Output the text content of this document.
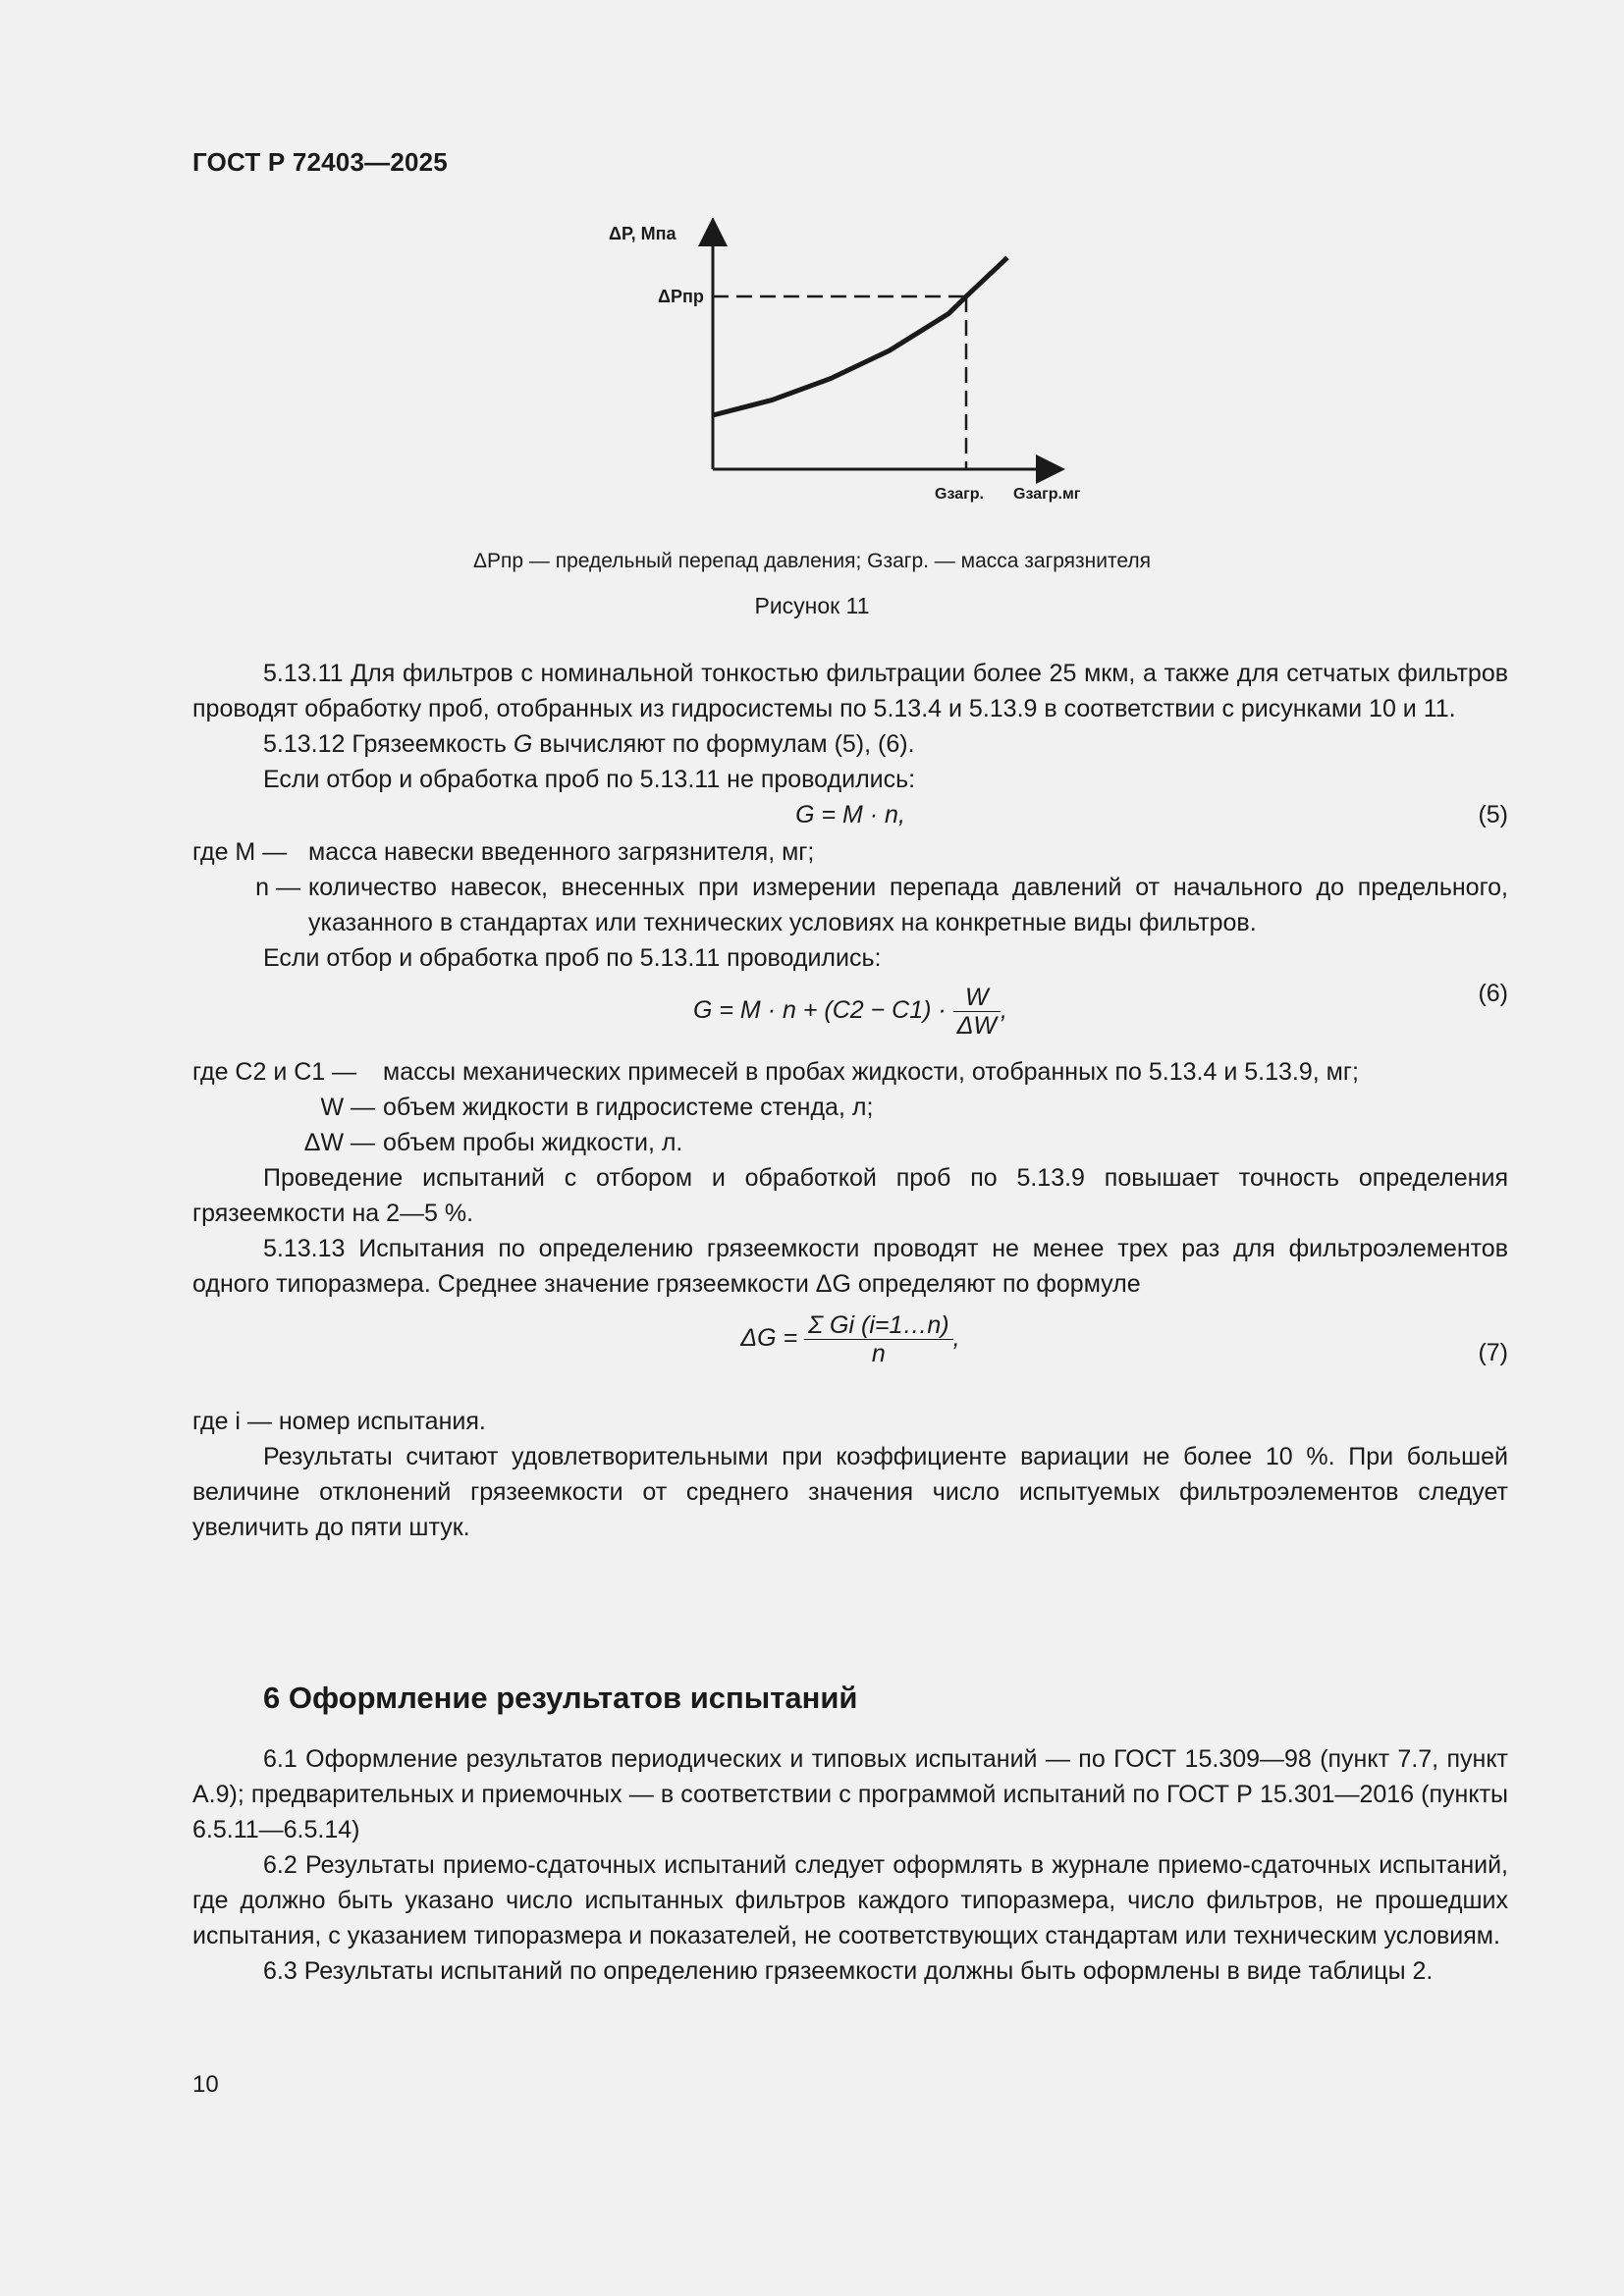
ГОСТ Р 72403—2025
ΔP, Мпа
ΔPпр
Gзагр. Gзагр.мг
ΔPпр — предельный перепад давления; Gзагр. — масса загрязнителя
Рисунок 11

5.13.11 Для фильтров с номинальной тонкостью фильтрации более 25 мкм, а также для сетчатых фильтров проводят обработку проб, отобранных из гидросистемы по 5.13.4 и 5.13.9 в соответствии с рисунками 10 и 11.

5.13.12 Грязеемкость G вычисляют по формулам (5), (6).

Если отбор и обработка проб по 5.13.11 не проводились:

G = M · n,	(5)
где M — масса навески введенного загрязнителя, мг;
n — количество навесок, внесенных при измерении перепада давлений от начального до предельного, указанного в стандартах или технических условиях на конкретные виды фильтров.

Если отбор и обработка проб по 5.13.11 проводились:

$G = M \cdot n + (C2 - C1) \cdot \frac{W}{\Delta W}$ ,
(6)
где C2 и C1 —	массы механических примесей в пробах жидкости, отобранных по 5.13.4 и 5.13.9, мг;
W — объем жидкости в гидросистеме стенда, л;
ΔW — объем пробы жидкости, л.

Проведение испытаний с отбором и обработкой проб по 5.13.9 повышает точность определения грязеемкости на 2—5 %.

5.13.13 Испытания по определению грязеемкости проводят не менее трех раз для фильтроэлементов одного типоразмера. Среднее значение грязеемкости ΔG определяют по формуле

$\Delta G = \frac{\text{Σ Gi (i=1…n)}}{n}$ ,
(7)

где i — номер испытания.

Результаты считают удовлетворительными при коэффициенте вариации не более 10 %. При большей величине отклонений грязеемкости от среднего значения число испытуемых фильтроэлементов следует увеличить до пяти штук.

6 Оформление результатов испытаний

6.1 Оформление результатов периодических и типовых испытаний — по ГОСТ 15.309—98 (пункт 7.7, пункт А.9); предварительных и приемочных — в соответствии с программой испытаний по ГОСТ Р 15.301—2016 (пункты 6.5.11—6.5.14)

6.2 Результаты приемо-сдаточных испытаний следует оформлять в журнале приемо-сдаточных испытаний, где должно быть указано число испытанных фильтров каждого типоразмера, число фильтров, не прошедших испытания, с указанием типоразмера и показателей, не соответствующих стандартам или техническим условиям.

6.3 Результаты испытаний по определению грязеемкости должны быть оформлены в виде таблицы 2.

10
